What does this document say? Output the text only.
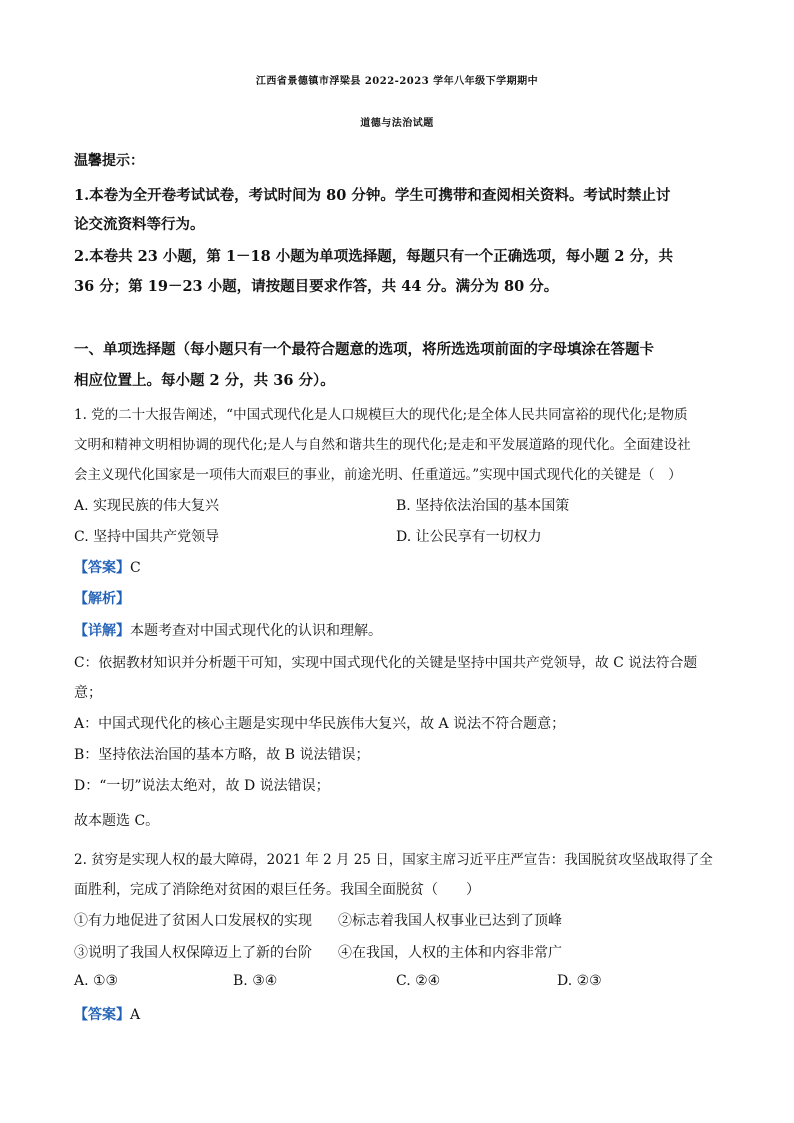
江西省景德镇市浮梁县 2022-2023 学年八年级下学期期中
道德与法治试题
温馨提示：
1.本卷为全开卷考试试卷，考试时间为 80 分钟。学生可携带和查阅相关资料。考试时禁止讨
论交流资料等行为。
2.本卷共 23 小题，第 1－18 小题为单项选择题，每题只有一个正确选项，每小题 2 分，共
36 分；第 19－23 小题，请按题目要求作答，共 44 分。满分为 80 分。
一、单项选择题（每小题只有一个最符合题意的选项，将所选选项前面的字母填涂在答题卡
相应位置上。每小题 2 分，共 36 分）。
1. 党的二十大报告阐述，“中国式现代化是人口规模巨大的现代化;是全体人民共同富裕的现代化;是物质
文明和精神文明相协调的现代化;是人与自然和谐共生的现代化;是走和平发展道路的现代化。全面建设社
会主义现代化国家是一项伟大而艰巨的事业，前途光明、任重道远。”实现中国式现代化的关键是（　）
A. 实现民族的伟大复兴	B. 坚持依法治国的基本国策
C. 坚持中国共产党领导	D. 让公民享有一切权力
【答案】C
【解析】
【详解】本题考查对中国式现代化的认识和理解。
C：依据教材知识并分析题干可知，实现中国式现代化的关键是坚持中国共产党领导，故 C 说法符合题
意；
A：中国式现代化的核心主题是实现中华民族伟大复兴，故 A 说法不符合题意；
B：坚持依法治国的基本方略，故 B 说法错误；
D：“一切”说法太绝对，故 D 说法错误；
故本题选 C。
2. 贫穷是实现人权的最大障碍，2021 年 2 月 25 日，国家主席习近平庄严宣告：我国脱贫攻坚战取得了全
面胜利，完成了消除绝对贫困的艰巨任务。我国全面脱贫（　　）
①有力地促进了贫困人口发展权的实现 ②标志着我国人权事业已达到了顶峰
③说明了我国人权保障迈上了新的台阶 ④在我国，人权的主体和内容非常广
A. ①③	B. ③④	C. ②④	D. ②③
【答案】A
